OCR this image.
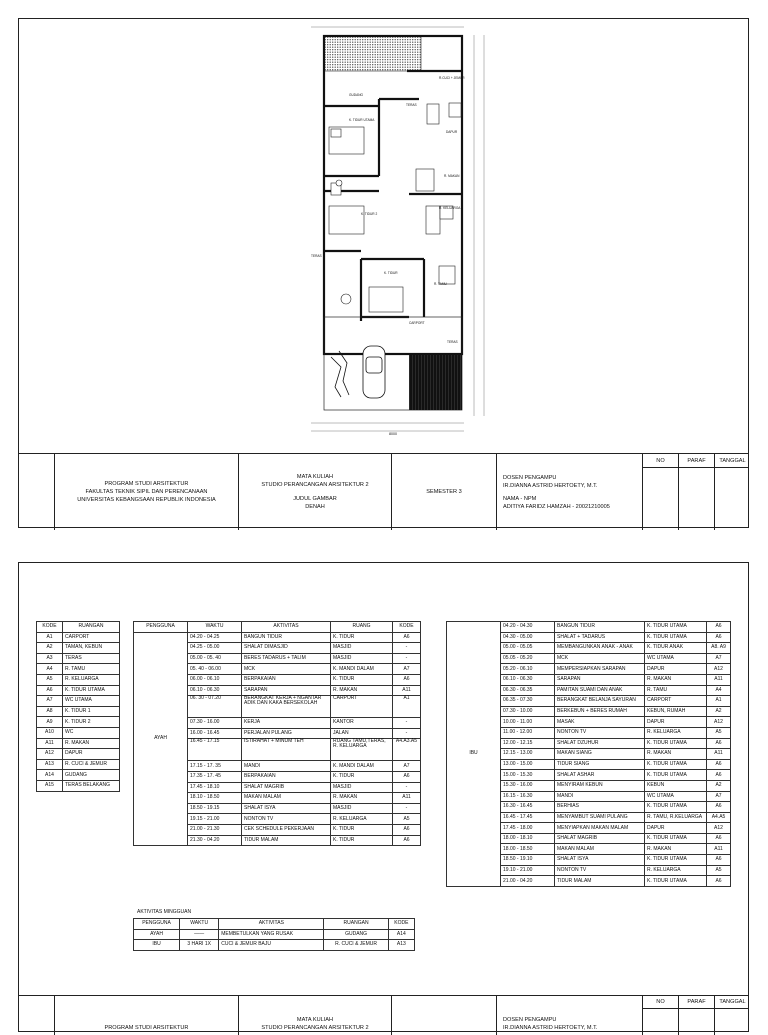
GUDANG
R.CUCI + JEMUR
K. TIDUR UTAMA
TERAS
DAPUR
R. MAKAN
K. TIDUR 2
R. KELUARGA
TERAS
K. TIDUR
R. TAMU
CARPORT
TERAS
8000
PROGRAM STUDI ARSITEKTUR
FAKULTAS TEKNIK SIPIL DAN PERENCANAAN
UNIVERSITAS KEBANGSAAN REPUBLIK INDONESIA
MATA KULIAH
STUDIO PERANCANGAN ARSITEKTUR 2
JUDUL GAMBAR
DENAH
SEMESTER 3
DOSEN PENGAMPU
IR.DIANNA ASTRID HERTOETY, M.T.
NAMA - NPM
ADITIYA FARIDZ HAMZAH - 20021210005
NO	PARAF TANGGAL
KODE	RUANGAN
A1	CARPORT
A2	TAMAN, KEBUN
A3	TERAS
A4	R. TAMU
A5	R. KELUARGA
A6	K. TIDUR UTAMA
A7	WC UTAMA
A8	K. TIDUR 1
A9	K. TIDUR 2
A10	WC
A11	R. MAKAN
A12	DAPUR
A13	R. CUCI & JEMUR
A14	GUDANG
A15	TERAS BELAKANG
PENGGUNA	WAKTU	AKTIVITAS	RUANG	KODE
AYAH	04.20 - 04.25	BANGUN TIDUR	K. TIDUR	A6
	04.25 - 05.00	SHALAT DIMASJID	MASJID	-
	05.00 - 05. 40	BERES TADARUS + TALIM	MASJID	-
	05. 40 - 06.00	MCK	K. MANDI DALAM	A7
	06.00 - 06.10	BERPAKAIAN	K. TIDUR	A6
	06.10 - 06.30	SARAPAN	R. MAKAN	A11
	06. 30 - 07.20	BERANGKAT KERJA + NGANTAR ADIK DAN KAKA BERSEKOLAH	CARPORT	A1
	07.30 - 16.00	KERJA	KANTOR	-
	16.00 - 16.45	PERJALAN PULANG	JALAN	-
	16.45 - 17.15	ISTIRAHAT + MINUM TEH	RUANG TAMU,TERAS, R. KELUARGA	A4.A3.A5
	17.15 - 17. 35	MANDI	K. MANDI DALAM	A7
	17.35 - 17. 45	BERPAKAIAN	K. TIDUR	A6
	17.45 - 18.10	SHALAT MAGRIB	MASJID	-
	18.10 - 18.50	MAKAN MALAM	R. MAKAN	A11
	18.50 - 19.15	SHALAT ISYA	MASJID	-
	19.15 - 21.00	NONTON TV	R. KELUARGA	A5
	21.00 - 21.30	CEK SCHEDULE PEKERJAAN	K. TIDUR	A6
	21.30 - 04.20	TIDUR MALAM	K. TIDUR	A6
AKTIVITAS MINGGUAN
PENGGUNA	WAKTU	AKTIVITAS	RUANGAN	KODE
AYAH	——	MEMBETULKAN YANG RUSAK	GUDANG	A14
IBU	3 HARI 1X	CUCI & JEMUR BAJU	R. CUCI & JEMUR	A13
IBU	04.20 - 04.30	BANGUN TIDUR	K. TIDUR UTAMA	A6
	04.30 - 05.00	SHALAT + TADARUS	K. TIDUR UTAMA	A6
	05.00 - 05.05	MEMBANGUNKAN ANAK - ANAK	K. TIDUR ANAK	A8. A9
	05.05 - 05.20	MCK	WC UTAMA	A7
	05.20 - 06.10	MEMPERSIAPKAN SARAPAN	DAPUR	A12
	06.10 - 06.30	SARAPAN	R. MAKAN	A11
	06.30 - 06.35	PAMITAN SUAMI DAN ANAK	R. TAMU	A4
	06.35 - 07.30	BERANGKAT BELANJA SAYURAN	CARPORT	A1
	07.30 - 10.00	BERKEBUN + BERES RUMAH	KEBUN, RUMAH	A2
	10.00 - 11.00	MASAK	DAPUR	A12
	11.00 - 12.00	NONTON TV	R. KELUARGA	A5
	12.00 - 12.15	SHALAT DZUHUR	K. TIDUR UTAMA	A6
	12.15 - 13.00	MAKAN SIANG	R. MAKAN	A11
	13.00 - 15.00	TIDUR SIANG	K. TIDUR UTAMA	A6
	15.00 - 15.30	SHALAT ASHAR	K. TIDUR UTAMA	A6
	15.30 - 16.00	MENYIRAM KEBUN	KEBUN	A2
	16.15 - 16.30	MANDI	WC UTAMA	A7
	16.30 - 16.45	BERHIAS	K. TIDUR UTAMA	A6
	16.45 - 17.45	MENYAMBUT SUAMI PULANG	R. TAMU, R.KELUARGA	A4.A5
	17.45 - 18.00	MENYIAPKAN MAKAN MALAM	DAPUR	A12
	18.00 - 18.10	SHALAT MAGRIB	K. TIDUR UTAMA	A6
	18.00 - 18.50	MAKAN MALAM	R. MAKAN	A11
	18.50 - 19.10	SHALAT ISYA	K. TIDUR UTAMA	A6
	19.10 - 21.00	NONTON TV	R. KELUARGA	A5
	21.00 - 04.20	TIDUR MALAM	K. TIDUR UTAMA	A6
PROGRAM STUDI ARSITEKTUR
MATA KULIAH
STUDIO PERANCANGAN ARSITEKTUR 2
DOSEN PENGAMPU
IR.DIANNA ASTRID HERTOETY, M.T.
NO	PARAF TANGGAL
